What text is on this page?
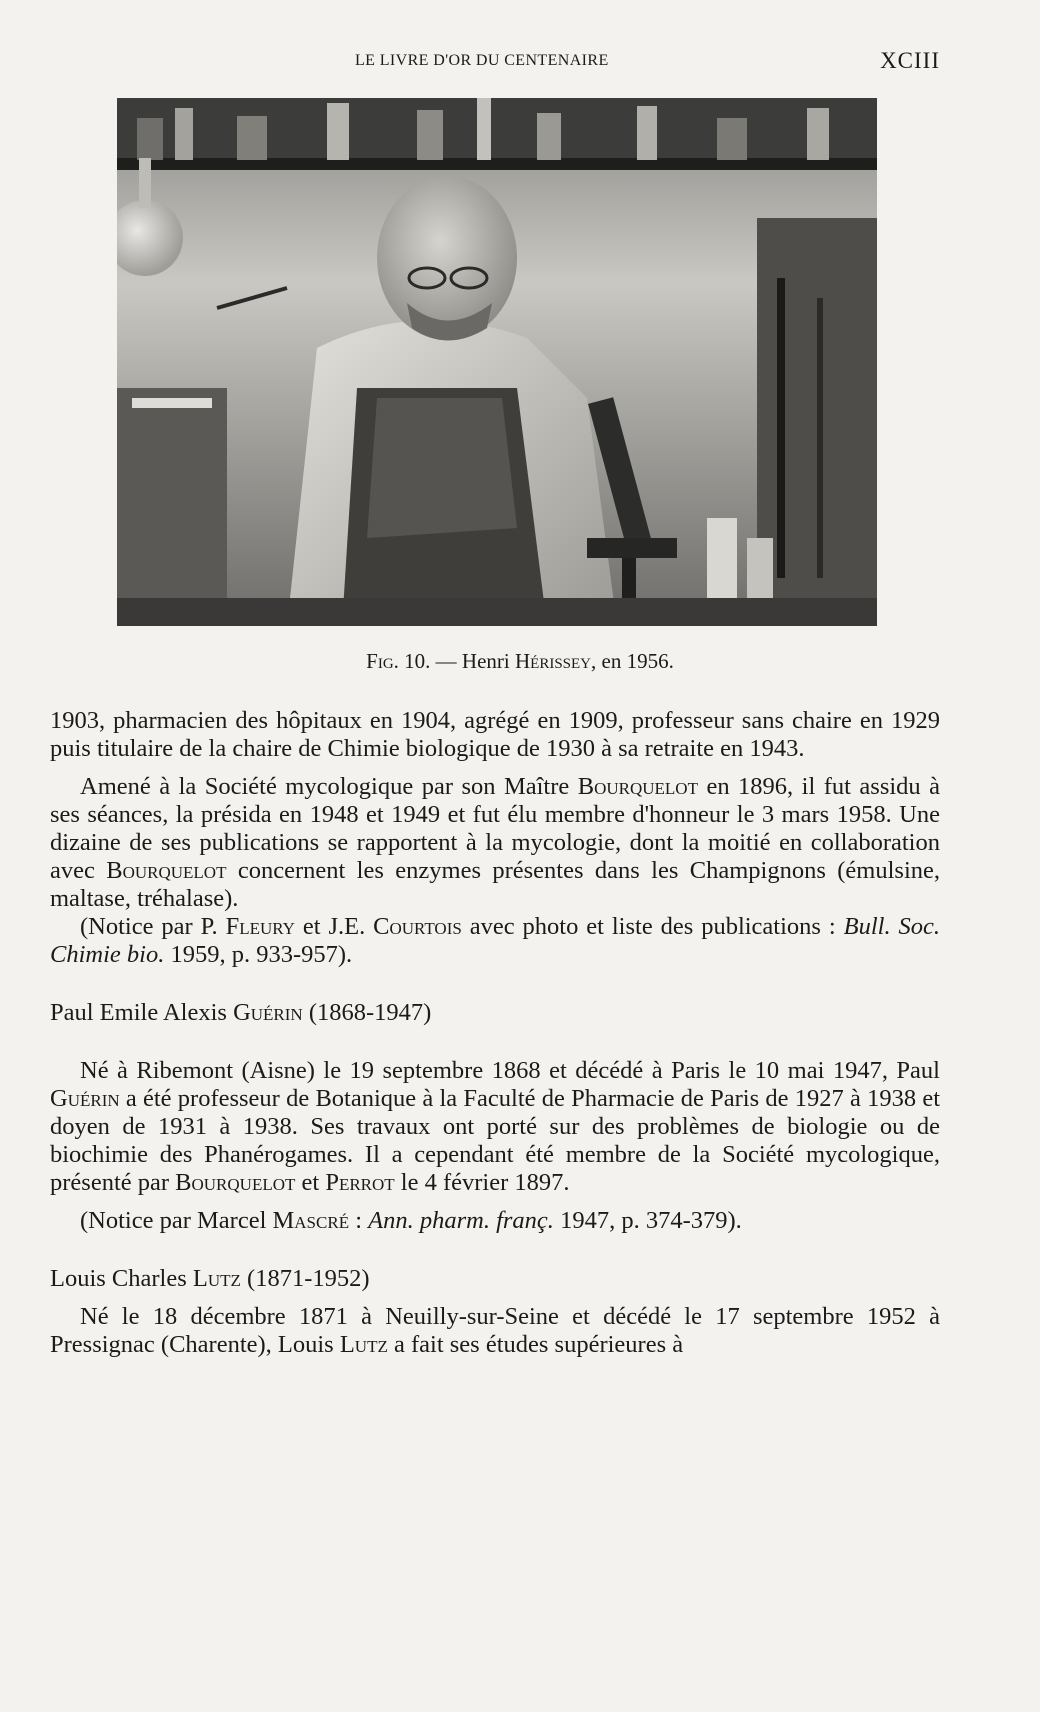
LE LIVRE D'OR DU CENTENAIRE	XCIII
Fig. 10. — Henri Hérissey, en 1956.

1903, pharmacien des hôpitaux en 1904, agrégé en 1909, professeur sans chaire en 1929 puis titulaire de la chaire de Chimie biologique de 1930 à sa retraite en 1943.

Amené à la Société mycologique par son Maître Bourquelot en 1896, il fut assidu à ses séances, la présida en 1948 et 1949 et fut élu membre d'honneur le 3 mars 1958. Une dizaine de ses publications se rapportent à la mycologie, dont la moitié en collaboration avec Bourquelot concernent les enzymes présentes dans les Champignons (émulsine, maltase, tréhalase).

(Notice par P. Fleury et J.E. Courtois avec photo et liste des publications : Bull. Soc. Chimie bio. 1959, p. 933-957).

Paul Emile Alexis Guérin (1868-1947)

Né à Ribemont (Aisne) le 19 septembre 1868 et décédé à Paris le 10 mai 1947, Paul Guérin a été professeur de Botanique à la Faculté de Pharmacie de Paris de 1927 à 1938 et doyen de 1931 à 1938. Ses travaux ont porté sur des problèmes de biologie ou de biochimie des Phanérogames. Il a cependant été membre de la Société mycologique, présenté par Bourquelot et Perrot le 4 février 1897.

(Notice par Marcel Mascré : Ann. pharm. franç. 1947, p. 374-379).

Louis Charles Lutz (1871-1952)

Né le 18 décembre 1871 à Neuilly-sur-Seine et décédé le 17 septembre 1952 à Pressignac (Charente), Louis Lutz a fait ses études supérieures à
